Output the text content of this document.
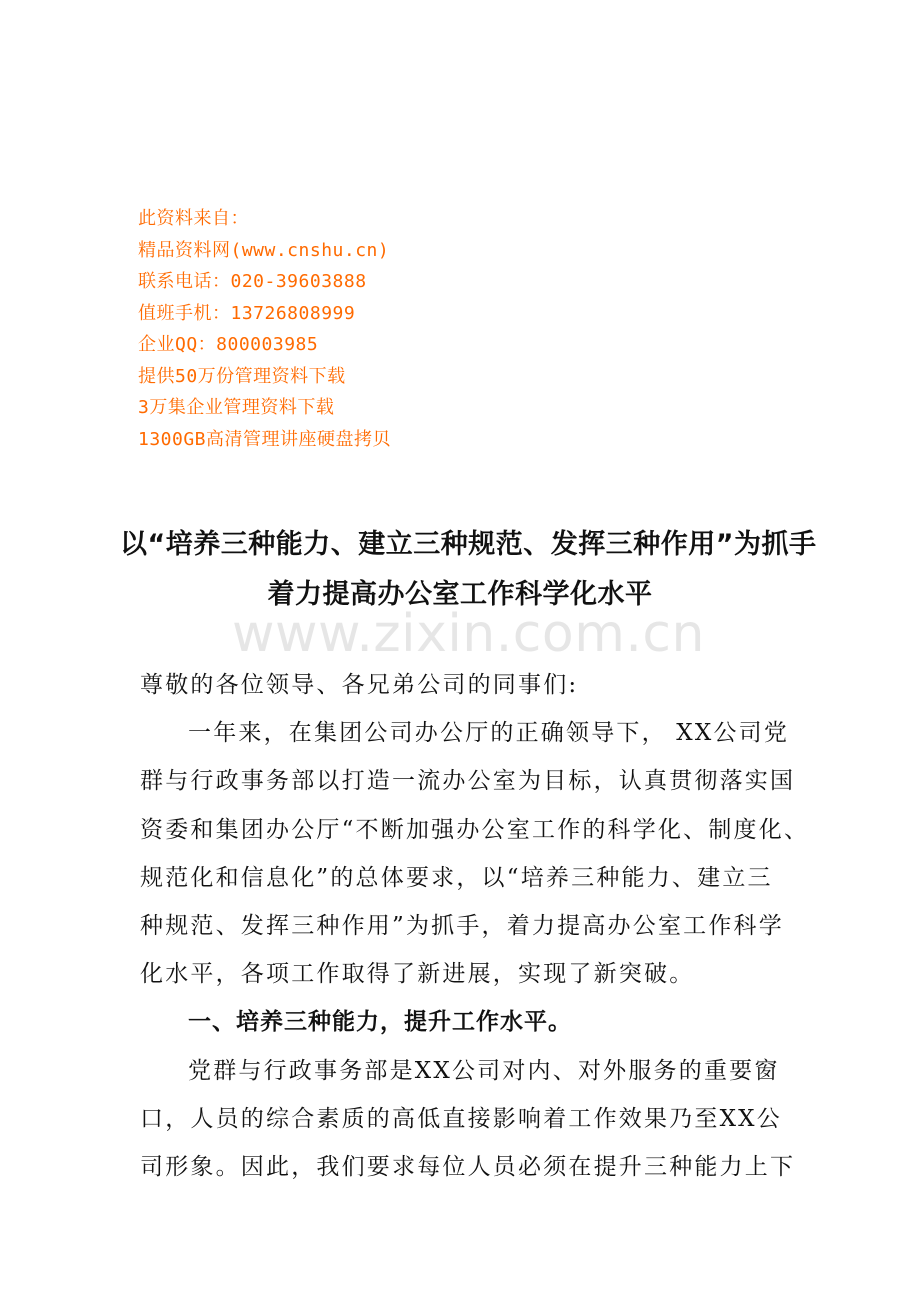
此资料来自：
精品资料网(www.cnshu.cn)
联系电话：020-39603888
值班手机：13726808999
企业QQ：800003985
提供50万份管理资料下载
3万集企业管理资料下载
1300GB高清管理讲座硬盘拷贝
以“培养三种能力、建立三种规范、发挥三种作用”为抓手
着力提高办公室工作科学化水平
www.zixin.com.cn
尊敬的各位领导、各兄弟公司的同事们:
一年来，在集团公司办公厅的正确领导下， XX公司党
群与行政事务部以打造一流办公室为目标，认真贯彻落实国
资委和集团办公厅“不断加强办公室工作的科学化、制度化、
规范化和信息化”的总体要求，以“培养三种能力、建立三
种规范、发挥三种作用”为抓手，着力提高办公室工作科学
化水平，各项工作取得了新进展，实现了新突破。
一、培养三种能力，提升工作水平。
党群与行政事务部是XX公司对内、对外服务的重要窗
口，人员的综合素质的高低直接影响着工作效果乃至XX公
司形象。因此，我们要求每位人员必须在提升三种能力上下
